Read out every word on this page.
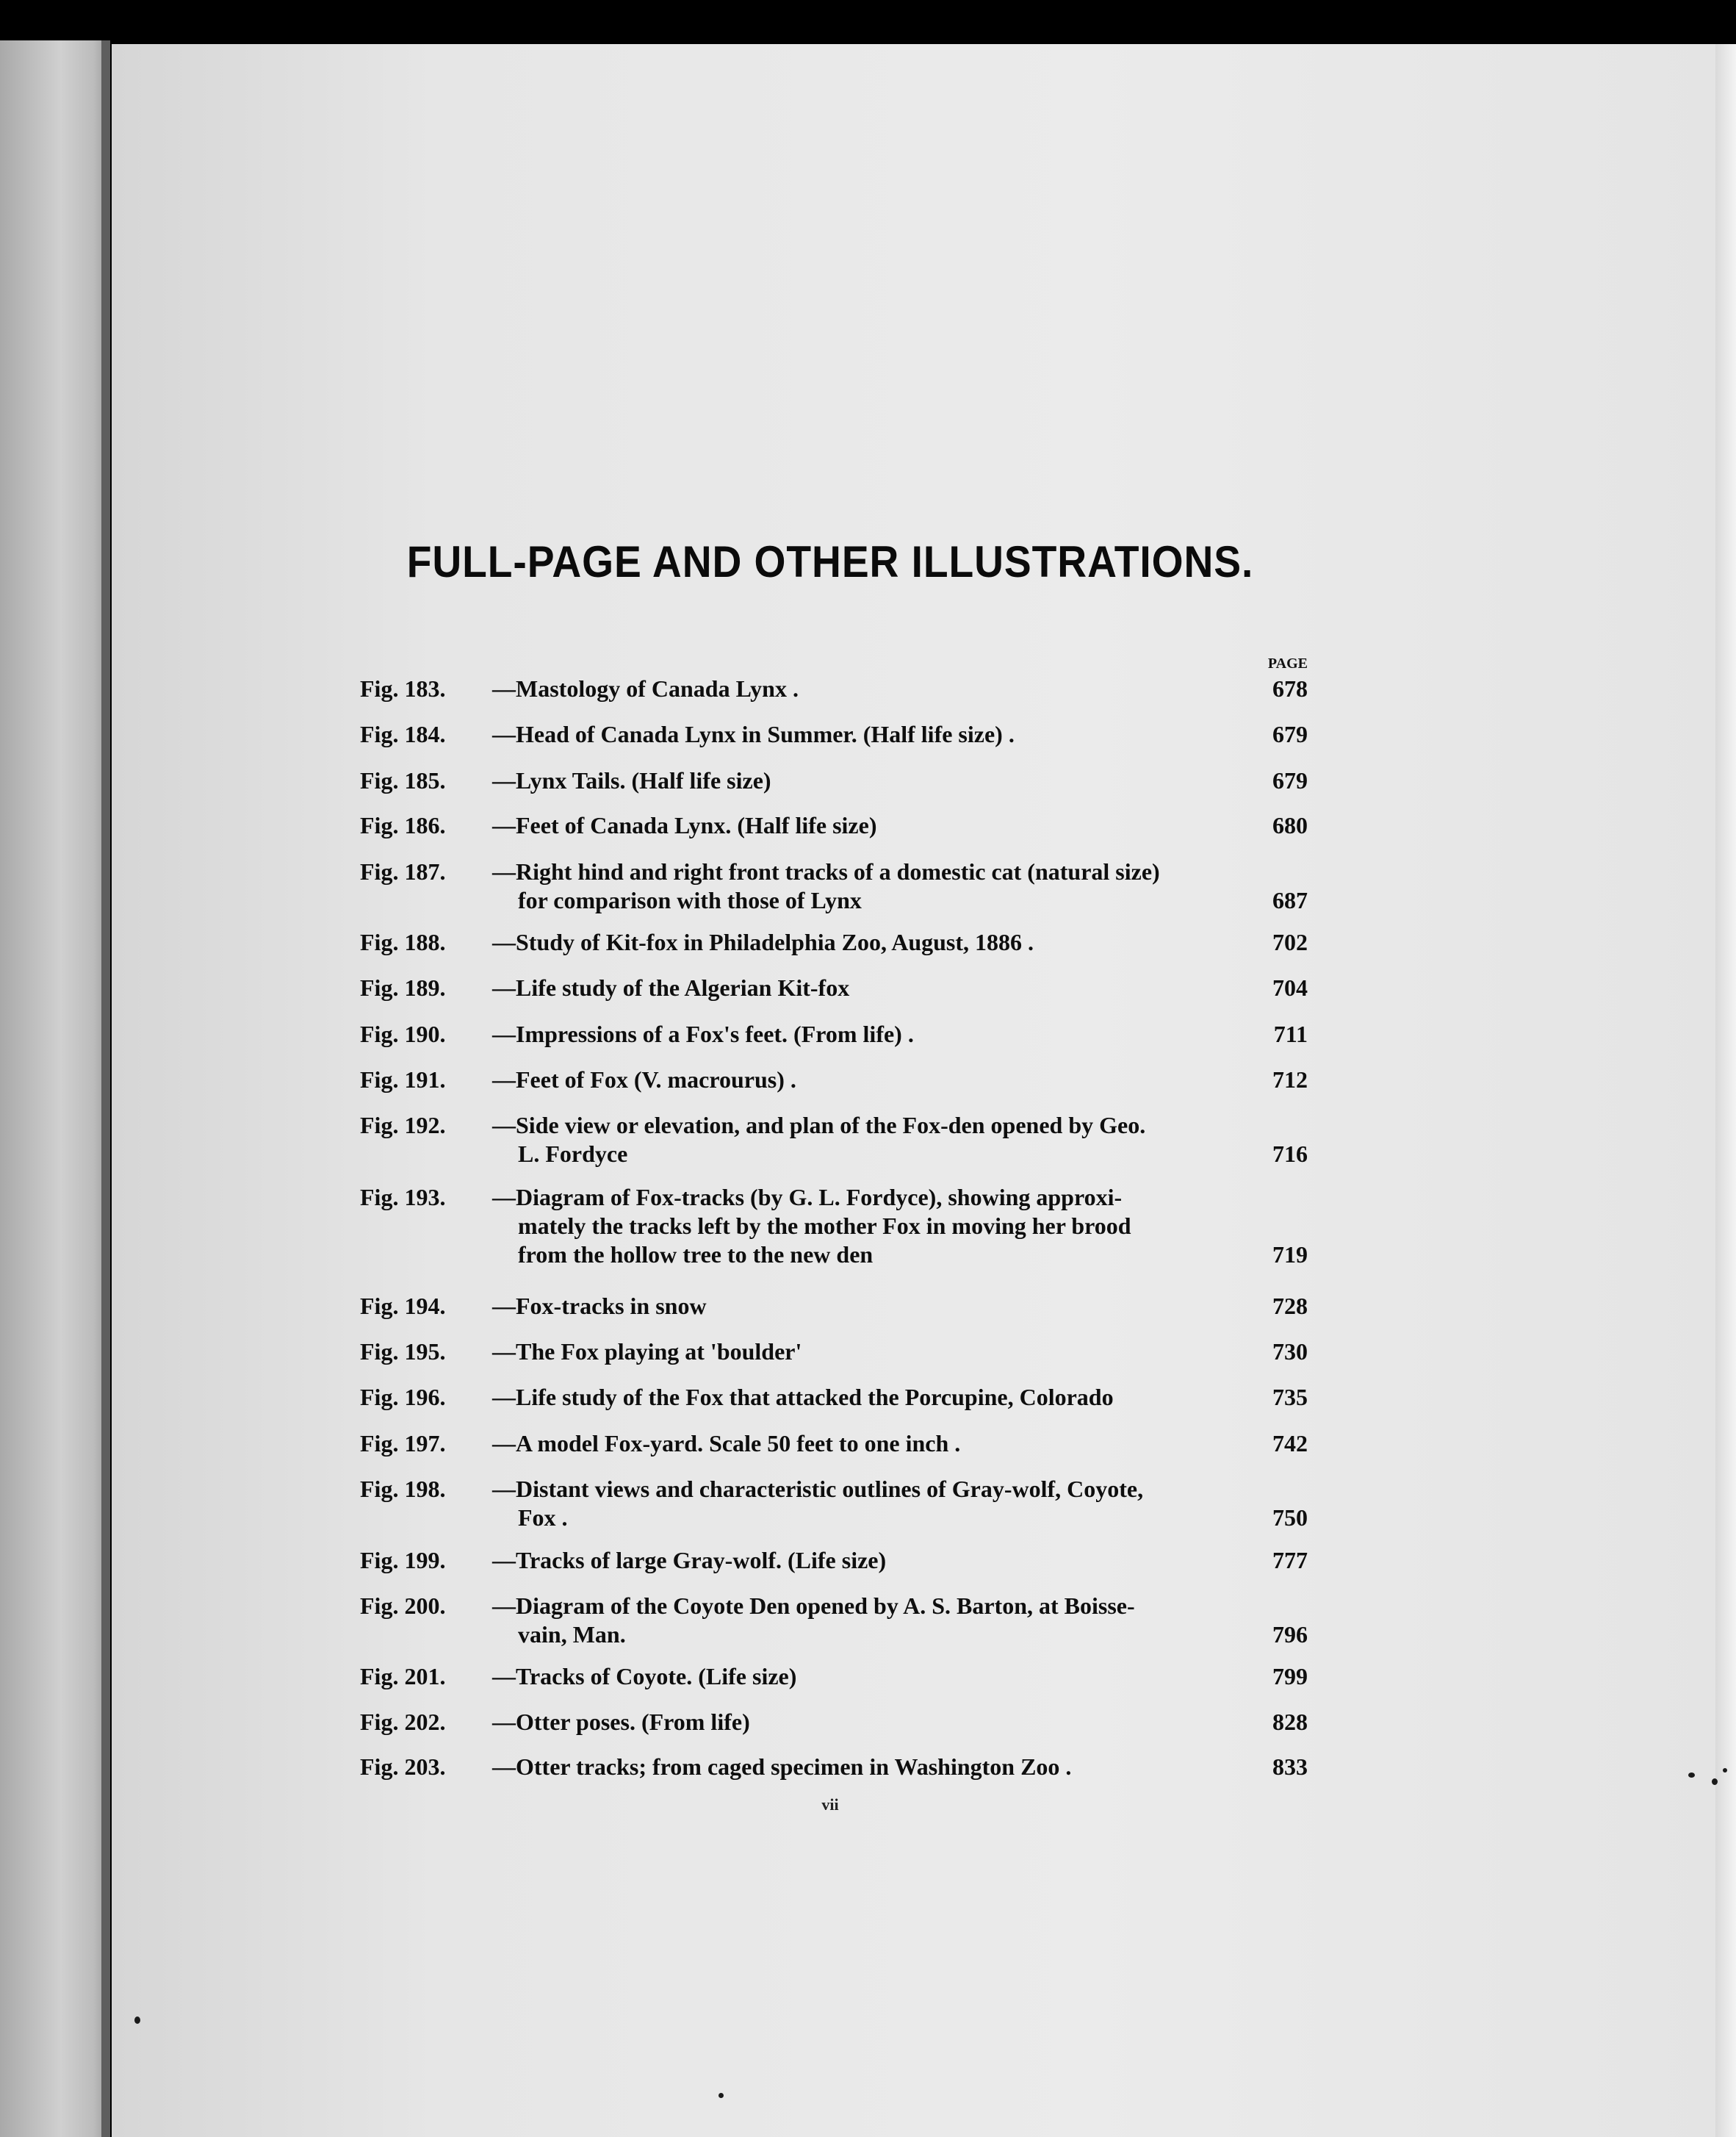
FULL-PAGE AND OTHER ILLUSTRATIONS.
PAGE
Fig. 183.	—Mastology of Canada Lynx .	678
Fig. 184.	—Head of Canada Lynx in Summer. (Half life size) .	679
Fig. 185.	—Lynx Tails. (Half life size)	679
Fig. 186.	—Feet of Canada Lynx. (Half life size)	680
Fig. 187.	—Right hind and right front tracks of a domestic cat (natural size)
for comparison with those of Lynx	687
Fig. 188.	—Study of Kit-fox in Philadelphia Zoo, August, 1886 .	702
Fig. 189.	—Life study of the Algerian Kit-fox	704
Fig. 190.	—Impressions of a Fox's feet. (From life) .	711
Fig. 191.	—Feet of Fox (V. macrourus) .	712
Fig. 192.	—Side view or elevation, and plan of the Fox-den opened by Geo.
L. Fordyce	716
Fig. 193.	—Diagram of Fox-tracks (by G. L. Fordyce), showing approxi-
mately the tracks left by the mother Fox in moving her brood
from the hollow tree to the new den	719
Fig. 194.	—Fox-tracks in snow	728
Fig. 195.	—The Fox playing at 'boulder'	730
Fig. 196.	—Life study of the Fox that attacked the Porcupine, Colorado	735
Fig. 197.	—A model Fox-yard. Scale 50 feet to one inch .	742
Fig. 198.	—Distant views and characteristic outlines of Gray-wolf, Coyote,
Fox .	750
Fig. 199.	—Tracks of large Gray-wolf. (Life size)	777
Fig. 200.	—Diagram of the Coyote Den opened by A. S. Barton, at Boisse-
vain, Man.	796
Fig. 201.	—Tracks of Coyote. (Life size)	799
Fig. 202.	—Otter poses. (From life)	828
Fig. 203.	—Otter tracks; from caged specimen in Washington Zoo .	833
vii
